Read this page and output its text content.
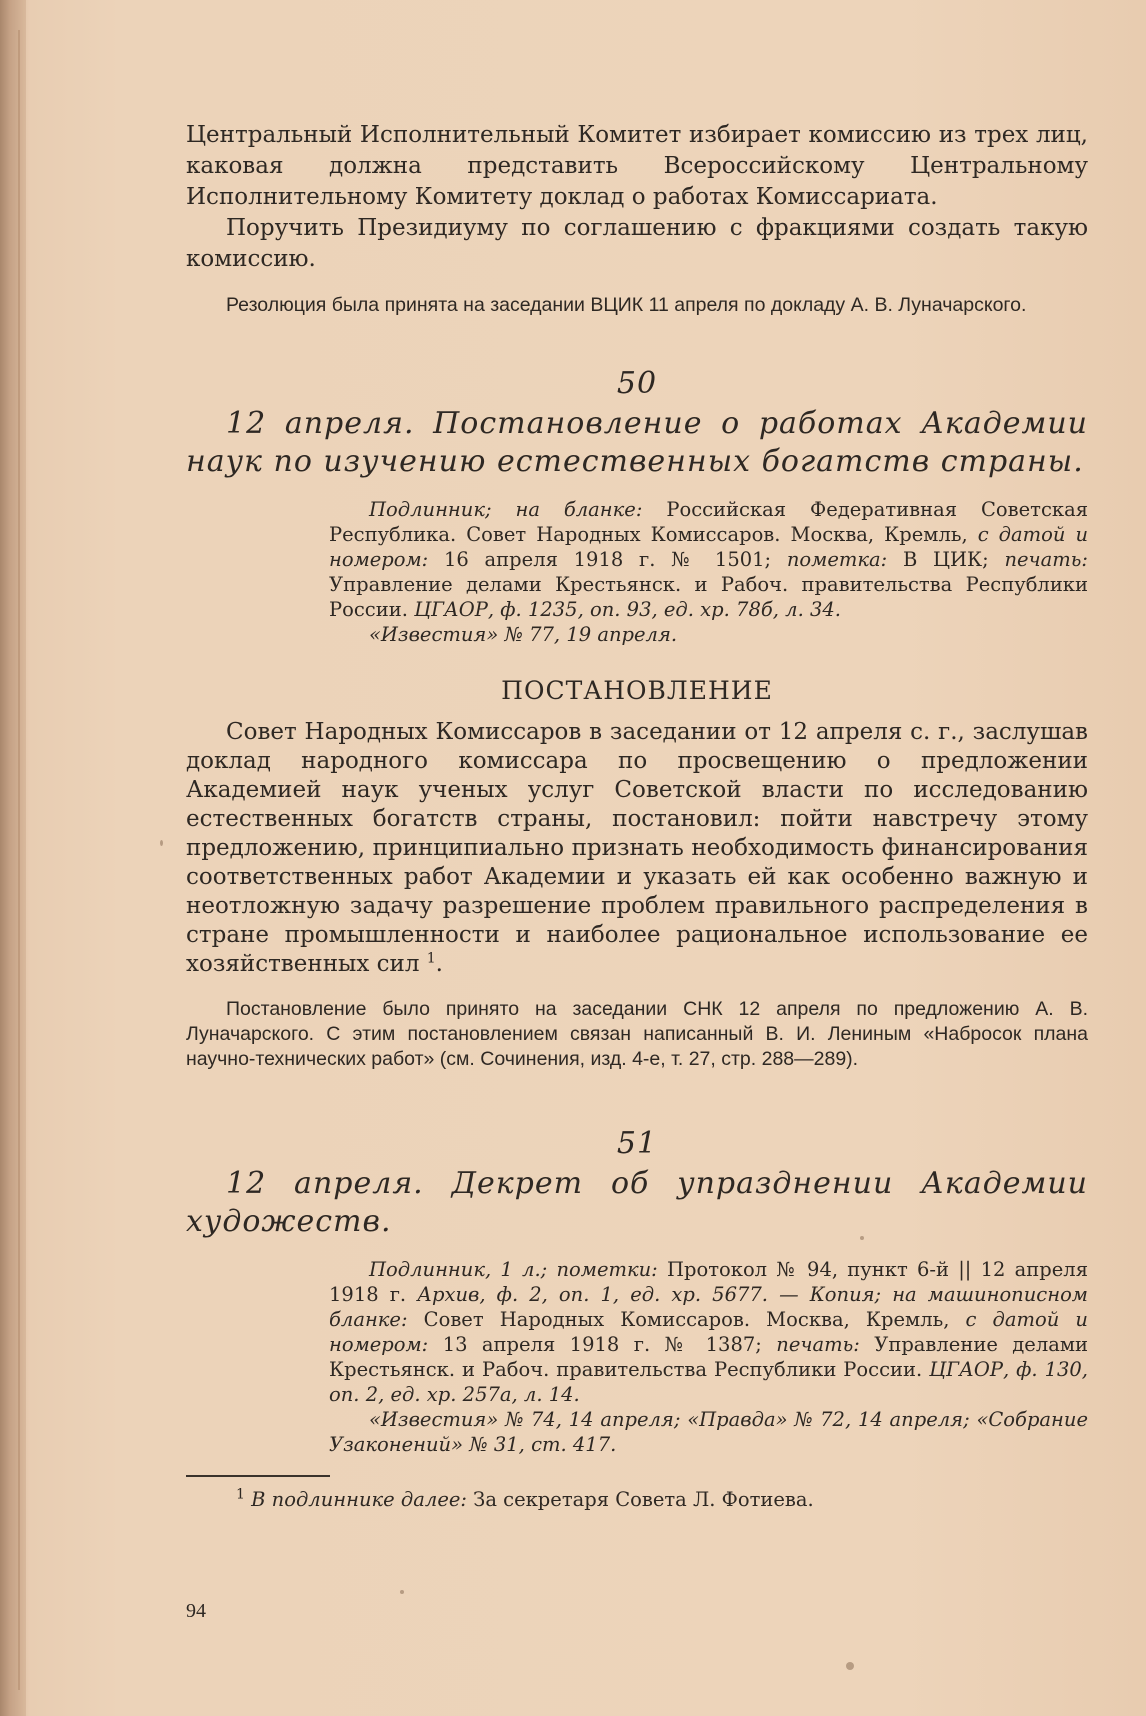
Центральный Исполнительный Комитет избирает комиссию из трех лиц, каковая должна представить Всероссийскому Центральному Исполнительному Комитету доклад о работах Комиссариата.

Поручить Президиуму по соглашению с фракциями создать такую комиссию.

Резолюция была принята на заседании ВЦИК 11 апреля по докладу А. В. Луначарского.

50
12 апреля. Постановление о работах Академии наук по изучению естественных богатств страны.

Подлинник; на бланке: Российская Федеративная Советская Республика. Совет Народных Комиссаров. Москва, Кремль, с датой и номером: 16 апреля 1918 г. № 1501; пометка: В ЦИК; печать: Управление делами Крестьянск. и Рабоч. правительства Республики России. ЦГАОР, ф. 1235, оп. 93, ед. хр. 78б, л. 34.

«Известия» № 77, 19 апреля.

ПОСТАНОВЛЕНИЕ

Совет Народных Комиссаров в заседании от 12 апреля с. г., заслушав доклад народного комиссара по просвещению о предложении Академией наук ученых услуг Советской власти по исследованию естественных богатств страны, постановил: пойти навстречу этому предложению, принципиально признать необходимость финансирования соответственных работ Академии и указать ей как особенно важную и неотложную задачу разрешение проблем правильного распределения в стране промышленности и наиболее рациональное использование ее хозяйственных сил $^1$.

Постановление было принято на заседании СНК 12 апреля по предложению А. В. Луначарского. С этим постановлением связан написанный В. И. Лениным «Набросок плана научно-технических работ» (см. Сочинения, изд. 4-е, т. 27, стр. 288—289).

51
12 апреля. Декрет об упразднении Академии художеств.

Подлинник, 1 л.; пометки: Протокол № 94, пункт 6-й || 12 апреля 1918 г. Архив, ф. 2, оп. 1, ед. хр. 5677. — Копия; на машинописном бланке: Совет Народных Комиссаров. Москва, Кремль, с датой и номером: 13 апреля 1918 г. № 1387; печать: Управление делами Крестьянск. и Рабоч. правительства Республики России. ЦГАОР, ф. 130, оп. 2, ед. хр. 257а, л. 14.

«Известия» № 74, 14 апреля; «Правда» № 72, 14 апреля; «Собрание Узаконений» № 31, ст. 417.

$^1$ В подлиннике далее: За секретаря Совета Л. Фотиева.

94
